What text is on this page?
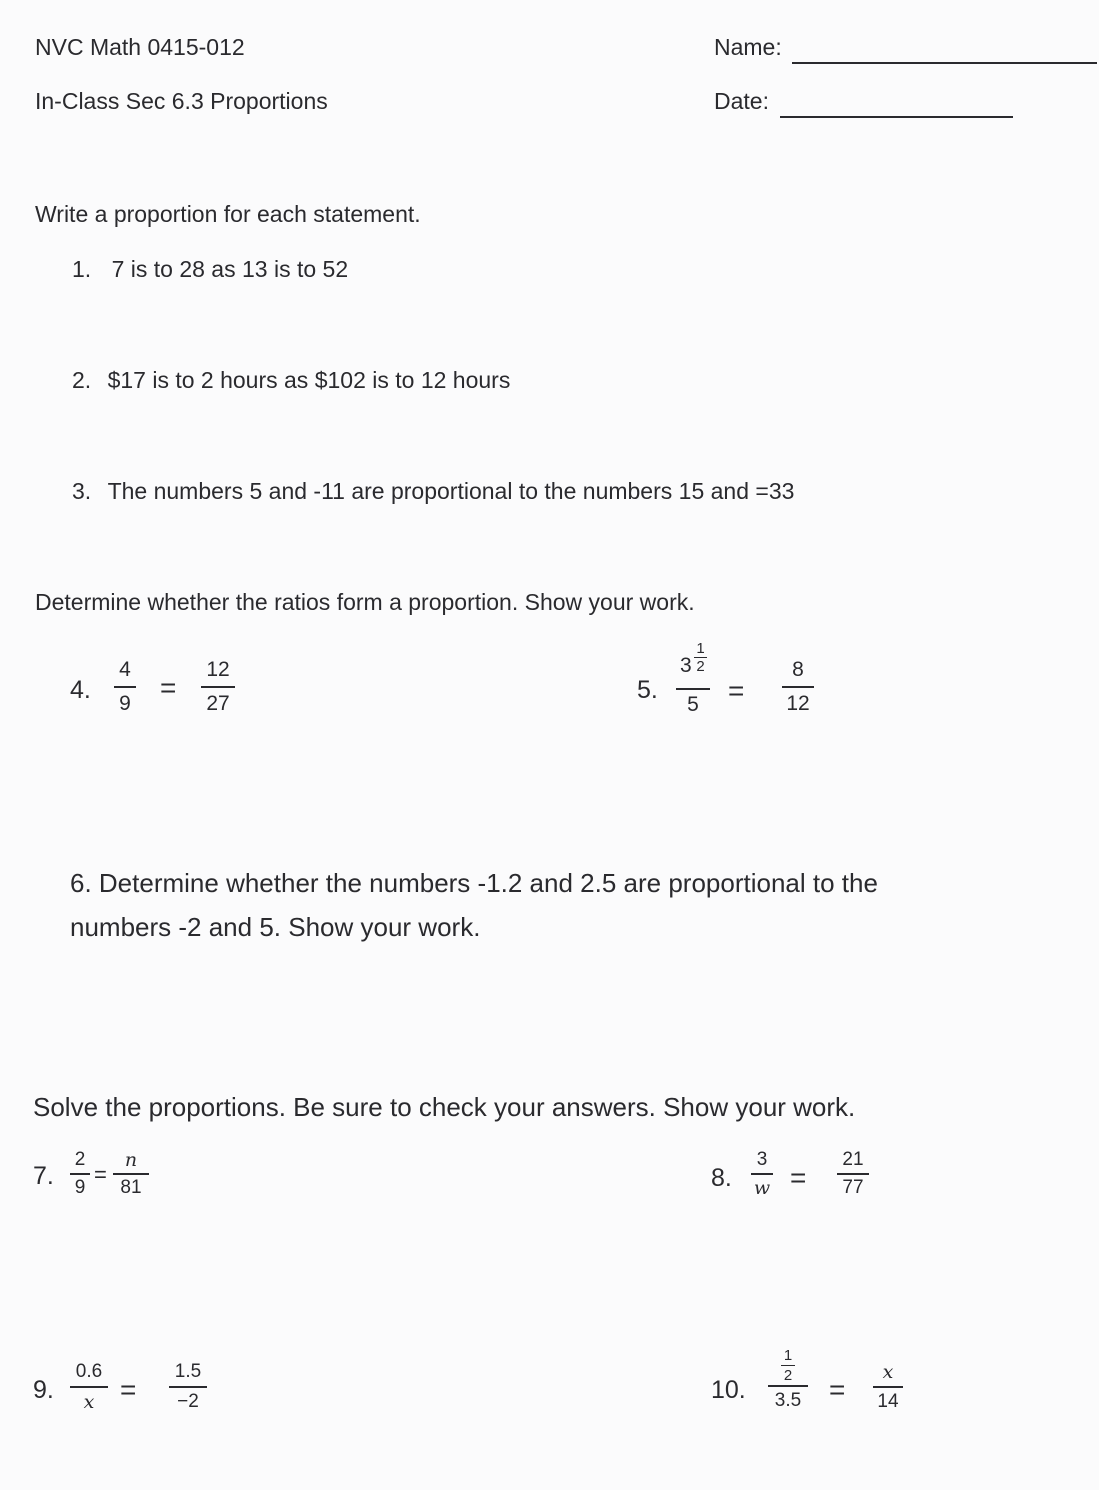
NVC Math 0415-012
In-Class Sec 6.3 Proportions
Name:
Date:
Write a proportion for each statement.
1. 7 is to 28 as 13 is to 52
2. $17 is to 2 hours as $102 is to 12 hours
3. The numbers 5 and -11 are proportional to the numbers 15 and =33
Determine whether the ratios form a proportion. Show your work.
4.
4
9
=
12
27	5.
3
1
2
5	=
8
12
6. Determine whether the numbers -1.2 and 2.5 are proportional to the
numbers -2 and 5. Show your work.
Solve the proportions. Be sure to check your answers. Show your work.
7.
2
9
=
n
81	8.
3
w =
21
77
9.
0.6
x =
1.5
−2	10.
1
2
3.5 =
x
14
